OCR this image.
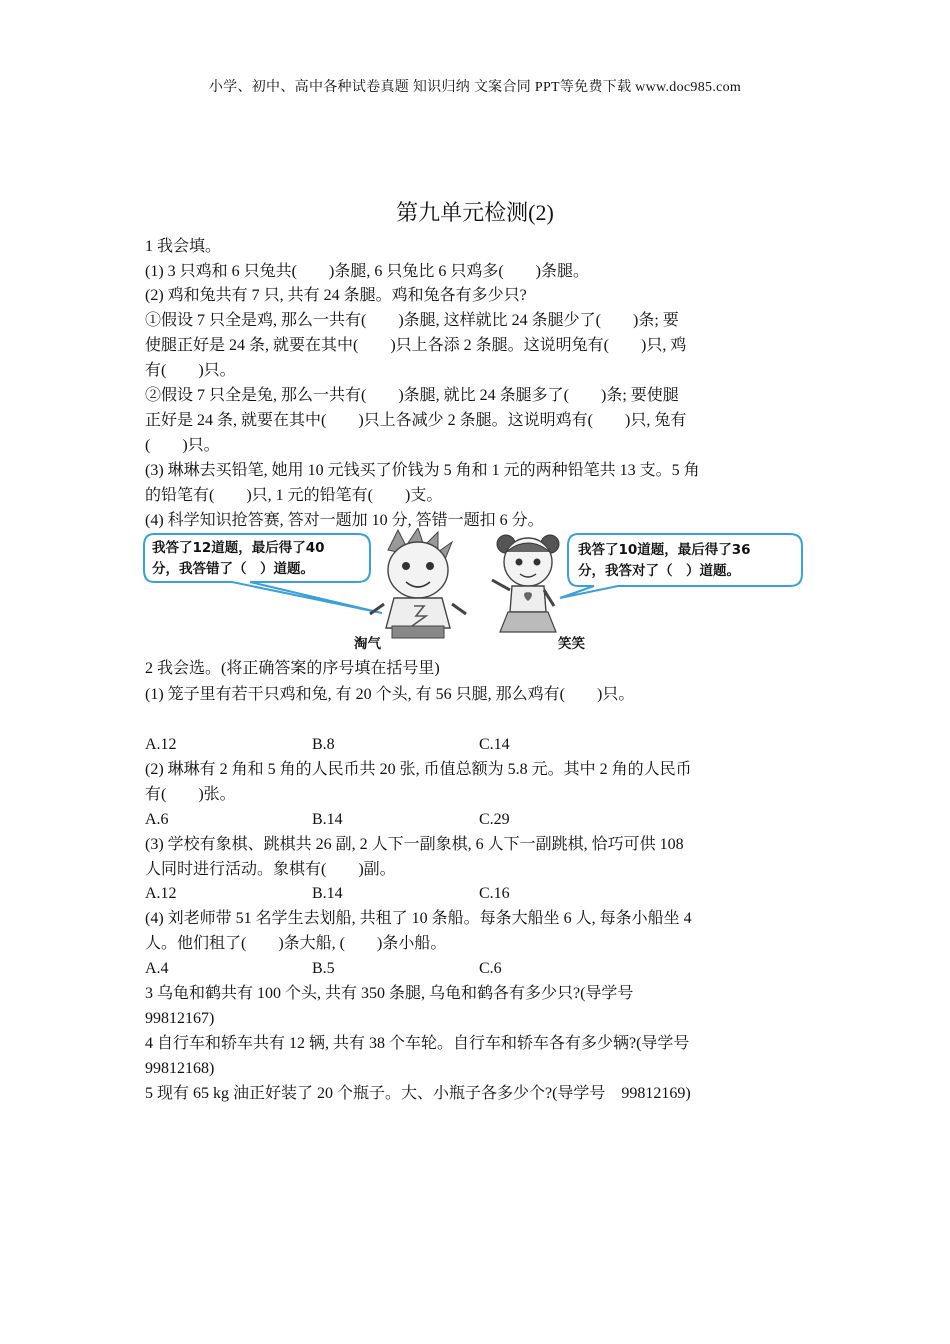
小学、初中、高中各种试卷真题 知识归纳 文案合同 PPT等免费下载 www.doc985.com
第九单元检测(2)
1 我会填。
(1) 3 只鸡和 6 只兔共(　　)条腿, 6 只兔比 6 只鸡多(　　)条腿。
(2) 鸡和兔共有 7 只, 共有 24 条腿。鸡和兔各有多少只?
①假设 7 只全是鸡, 那么一共有(　　)条腿, 这样就比 24 条腿少了(　　)条; 要
使腿正好是 24 条, 就要在其中(　　)只上各添 2 条腿。这说明兔有(　　)只, 鸡
有(　　)只。
②假设 7 只全是兔, 那么一共有(　　)条腿, 就比 24 条腿多了(　　)条; 要使腿
正好是 24 条, 就要在其中(　　)只上各减少 2 条腿。这说明鸡有(　　)只, 兔有
(　　)只。
(3) 琳琳去买铅笔, 她用 10 元钱买了价钱为 5 角和 1 元的两种铅笔共 13 支。5 角
的铅笔有(　　)只, 1 元的铅笔有(　　)支。
(4) 科学知识抢答赛, 答对一题加 10 分, 答错一题扣 6 分。
我答了12道题，最后得了40
分，我答错了（　）道题。
我答了10道题，最后得了36
分，我答对了（　）道题。
淘气	笑笑
2 我会选。(将正确答案的序号填在括号里)
(1) 笼子里有若干只鸡和兔, 有 20 个头, 有 56 只腿, 那么鸡有(　　)只。
A.12	B.8	C.14
(2) 琳琳有 2 角和 5 角的人民币共 20 张, 币值总额为 5.8 元。其中 2 角的人民币
有(　　)张。
A.6	B.14	C.29
(3) 学校有象棋、跳棋共 26 副, 2 人下一副象棋, 6 人下一副跳棋, 恰巧可供 108
人同时进行活动。象棋有(　　)副。
A.12	B.14	C.16
(4) 刘老师带 51 名学生去划船, 共租了 10 条船。每条大船坐 6 人, 每条小船坐 4
人。他们租了(　　)条大船, (　　)条小船。
A.4	B.5	C.6
3 乌龟和鹤共有 100 个头, 共有 350 条腿, 乌龟和鹤各有多少只?(导学号
99812167)
4 自行车和轿车共有 12 辆, 共有 38 个车轮。自行车和轿车各有多少辆?(导学号
99812168)
5 现有 65 kg 油正好装了 20 个瓶子。大、小瓶子各多少个?(导学号　99812169)
